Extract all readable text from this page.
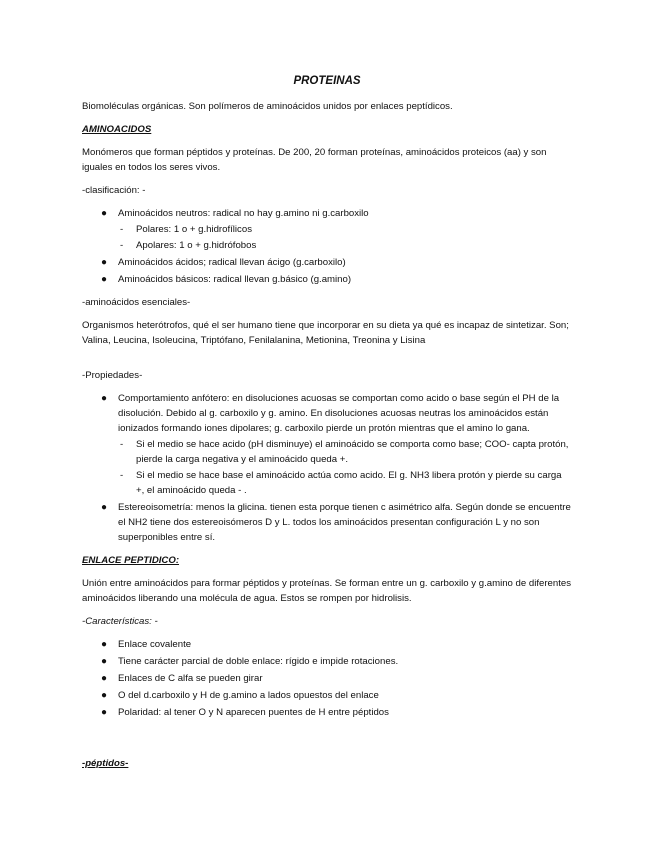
PROTEINAS

Biomoléculas orgánicas. Son polímeros de aminoácidos unidos por enlaces peptídicos.

AMINOACIDOS

Monómeros que forman péptidos y proteínas. De 200, 20 forman proteínas, aminoácidos proteicos (aa) y son iguales en todos los seres vivos.

-clasificación: -

● Aminoácidos neutros: radical no hay g.amino ni g.carboxilo
- Polares: 1 o + g.hidrofílicos
- Apolares: 1 o + g.hidrófobos
● Aminoácidos ácidos; radical llevan ácigo (g.carboxilo)
● Aminoácidos básicos: radical llevan g.básico (g.amino)

-aminoácidos esenciales-

Organismos heterótrofos, qué el ser humano tiene que incorporar en su dieta ya qué es incapaz de sintetizar. Son; Valina, Leucina, Isoleucina, Triptófano, Fenilalanina, Metionina, Treonina y Lisina

-Propiedades-

● Comportamiento anfótero: en disoluciones acuosas se comportan como acido o base según el PH de la disolución. Debido al g. carboxilo y g. amino. En disoluciones acuosas neutras los aminoácidos están ionizados formando iones dipolares; g. carboxilo pierde un protón mientras que el amino lo gana.
- Si el medio se hace acido (pH disminuye) el aminoácido se comporta como base; COO- capta protón, pierde la carga negativa y el aminoácido queda +.
- Si el medio se hace base el aminoácido actúa como acido. El g. NH3 libera protón y pierde su carga +, el aminoácido queda - .
● Estereoisometría: menos la glicina. tienen esta porque tienen c asimétrico alfa. Según donde se encuentre el NH2 tiene dos estereoisómeros D y L. todos los aminoácidos presentan configuración L y no son superponibles entre sí.
ENLACE PEPTIDICO:

Unión entre aminoácidos para formar péptidos y proteínas. Se forman entre un g. carboxilo y g.amino de diferentes aminoácidos liberando una molécula de agua. Estos se rompen por hidrolisis.

-Características: -
● Enlace covalente
● Tiene carácter parcial de doble enlace: rígido e impide rotaciones.
● Enlaces de C alfa se pueden girar
● O del d.carboxilo y H de g.amino a lados opuestos del enlace
● Polaridad: al tener O y N aparecen puentes de H entre péptidos
-péptidos-
